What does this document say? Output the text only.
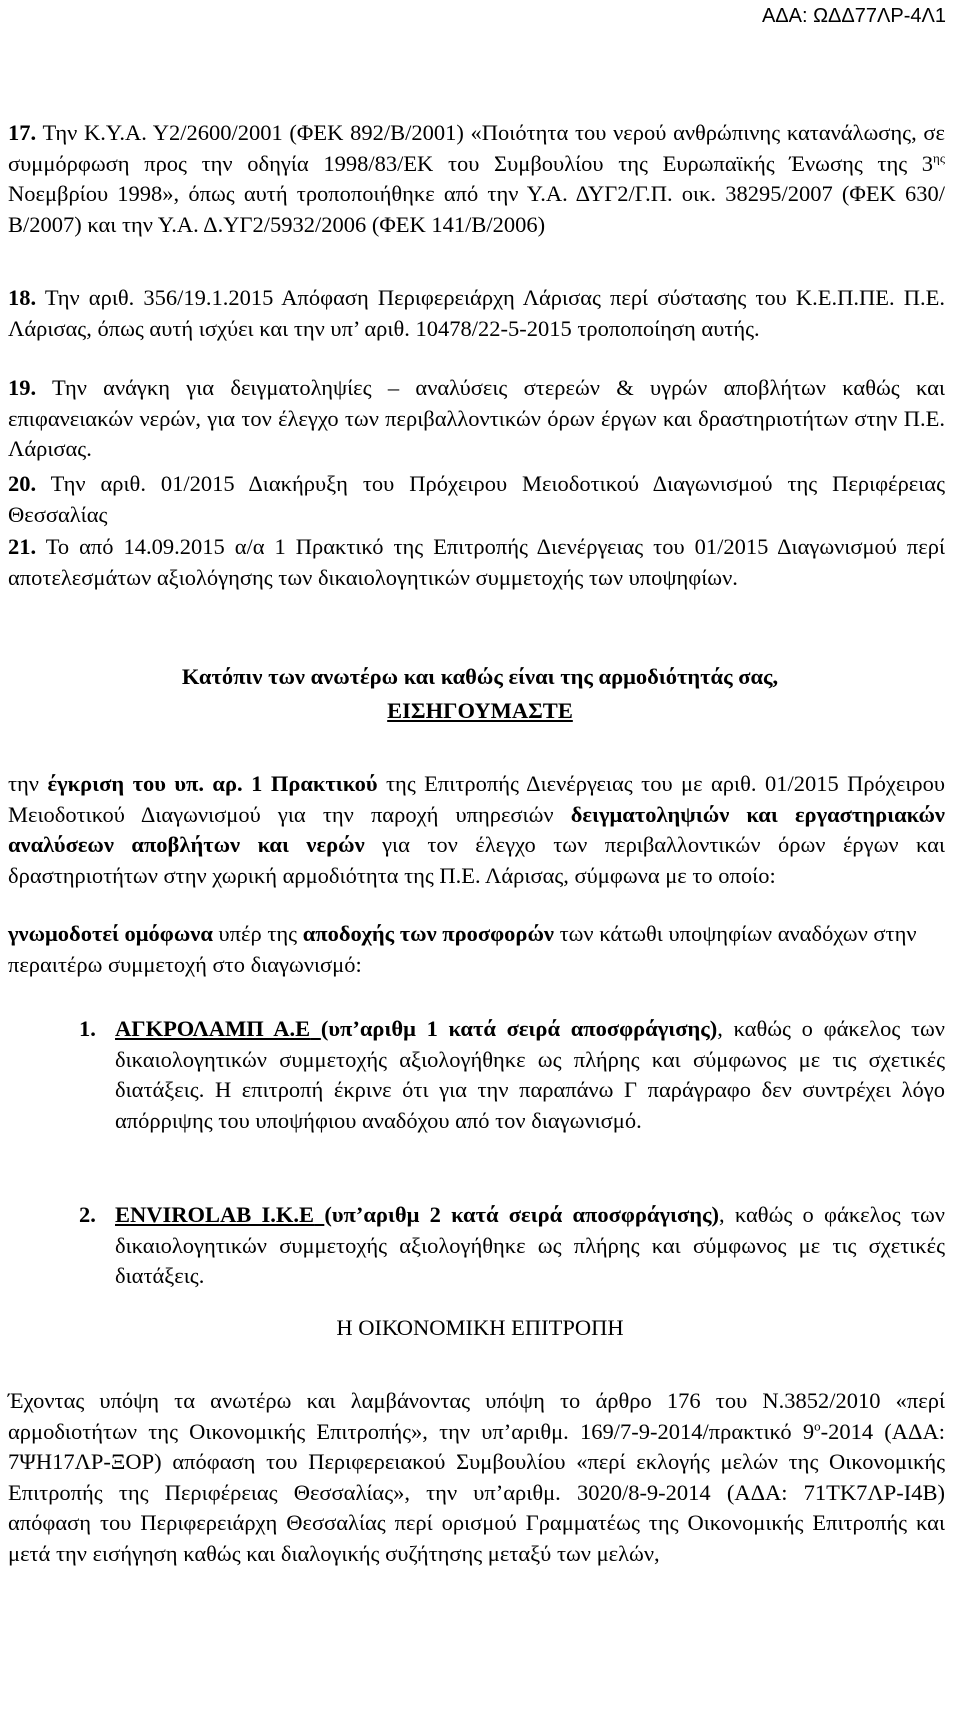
ΑΔΑ: ΩΔΔ77ΛΡ-4Λ1
17. Την Κ.Υ.Α. Υ2/2600/2001 (ΦΕΚ 892/Β/2001) «Ποιότητα του νερού ανθρώπινης κατανάλωσης, σε συμμόρφωση προς την οδηγία 1998/83/ΕΚ του Συμβουλίου της Ευρωπαϊκής Ένωσης της $3^{\eta\varsigma}$ Νοεμβρίου 1998», όπως αυτή τροποποιήθηκε από την Υ.Α. ΔΥΓ2/Γ.Π. οικ. 38295/2007 (ΦΕΚ 630/Β/2007) και την Υ.Α. Δ.ΥΓ2/5932/2006 (ΦΕΚ 141/Β/2006)
18. Την αριθ. 356/19.1.2015 Απόφαση Περιφερειάρχη Λάρισας περί σύστασης του Κ.Ε.Π.ΠΕ. Π.Ε. Λάρισας, όπως αυτή ισχύει και την υπ’ αριθ. 10478/22-5-2015 τροποποίηση αυτής.
19. Την ανάγκη για δειγματοληψίες – αναλύσεις στερεών & υγρών αποβλήτων καθώς και επιφανειακών νερών, για τον έλεγχο των περιβαλλοντικών όρων έργων και δραστηριοτήτων στην Π.Ε. Λάρισας.
20. Την αριθ. 01/2015 Διακήρυξη του Πρόχειρου Μειοδοτικού Διαγωνισμού της Περιφέρειας Θεσσαλίας
21. Το από 14.09.2015 α/α 1 Πρακτικό της Επιτροπής Διενέργειας του 01/2015 Διαγωνισμού περί αποτελεσμάτων αξιολόγησης των δικαιολογητικών συμμετοχής των υποψηφίων.
Κατόπιν των ανωτέρω και καθώς είναι της αρμοδιότητάς σας,
ΕΙΣΗΓΟΥΜΑΣΤΕ
την έγκριση του υπ. αρ. 1 Πρακτικού της Επιτροπής Διενέργειας του με αριθ. 01/2015 Πρόχειρου Μειοδοτικού Διαγωνισμού για την παροχή υπηρεσιών δειγματοληψιών και εργαστηριακών αναλύσεων αποβλήτων και νερών για τον έλεγχο των περιβαλλοντικών όρων έργων και δραστηριοτήτων στην χωρική αρμοδιότητα της Π.Ε. Λάρισας, σύμφωνα με το οποίο:
γνωμοδοτεί ομόφωνα υπέρ της αποδοχής των προσφορών των κάτωθι υποψηφίων αναδόχων στην περαιτέρω συμμετοχή στο διαγωνισμό:
1. ΑΓΚΡΟΛΑΜΠ Α.Ε (υπ’αριθμ 1 κατά σειρά αποσφράγισης), καθώς ο φάκελος των δικαιολογητικών συμμετοχής αξιολογήθηκε ως πλήρης και σύμφωνος με τις σχετικές διατάξεις. Η επιτροπή έκρινε ότι για την παραπάνω Γ παράγραφο δεν συντρέχει λόγο απόρριψης του υποψήφιου αναδόχου από τον διαγωνισμό.
2. ENVIROLAB I.K.E (υπ’αριθμ 2 κατά σειρά αποσφράγισης), καθώς ο φάκελος των δικαιολογητικών συμμετοχής αξιολογήθηκε ως πλήρης και σύμφωνος με τις σχετικές διατάξεις.
Η ΟΙΚΟΝΟΜΙΚΗ ΕΠΙΤΡΟΠΗ
Έχοντας υπόψη τα ανωτέρω και λαμβάνοντας υπόψη το άρθρο 176 του Ν.3852/2010 «περί αρμοδιοτήτων της Οικονομικής Επιτροπής», την υπ’αριθμ. 169/7-9-2014/πρακτικό $9^o-2014$ (ΑΔΑ: 7ΨΗ17ΛΡ-ΞΟΡ) απόφαση του Περιφερειακού Συμβουλίου «περί εκλογής μελών της Οικονομικής Επιτροπής της Περιφέρειας Θεσσαλίας», την υπ’αριθμ. 3020/8-9-2014 (ΑΔΑ: 71ΤΚ7ΛΡ-Ι4Β) απόφαση του Περιφερειάρχη Θεσσαλίας περί ορισμού Γραμματέως της Οικονομικής Επιτροπής και μετά την εισήγηση καθώς και διαλογικής συζήτησης μεταξύ των μελών,
